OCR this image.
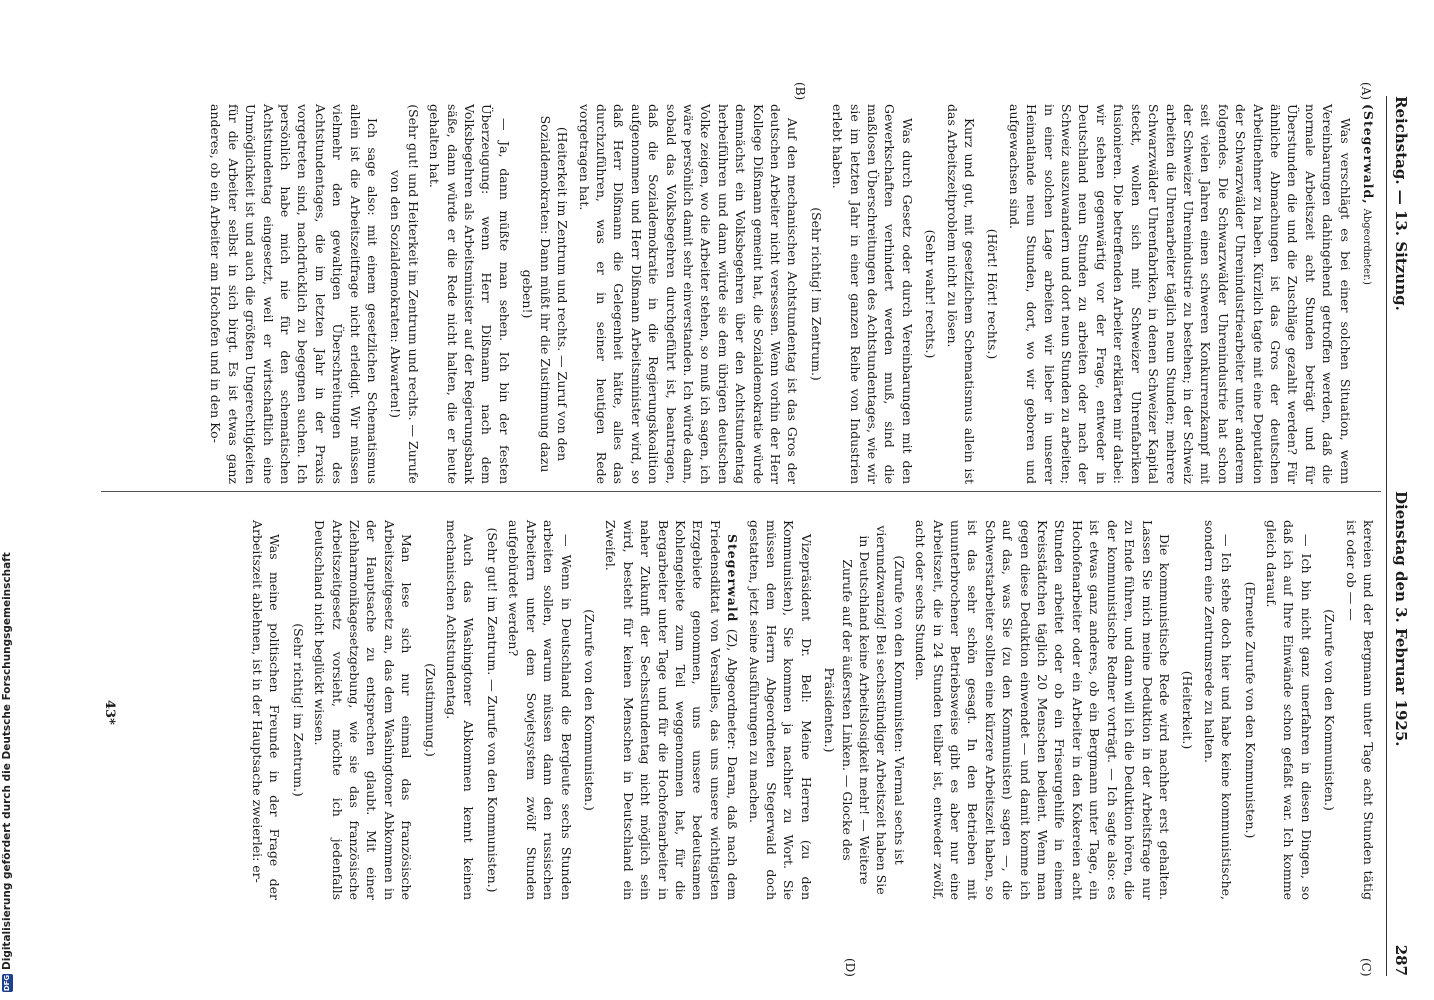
DFG
Digitalisierung gefördert durch die Deutsche Forschungsgemeinschaft
Reichstag. — 13. Sitzung.
Dienstag den 3. Februar 1925.
287
(A)
(B)
(C)
(D)

(Stegerwald, Abgeordneter.)

Was verschlägt es bei einer solchen Situation, wenn Vereinbarungen dahingehend getroffen werden, daß die normale Arbeitszeit acht Stunden beträgt und für Überstunden die und die Zuschläge gezahlt werden? Für ähnliche Abmachungen ist das Gros der deutschen Arbeitnehmer zu haben. Kürzlich tagte mit eine Deputation der Schwarzwälder Uhrenindustriearbeiter unter anderem folgendes. Die Schwarzwälder Uhrenindustrie hat schon seit vielen Jahren einen schweren Konkurrenzkampf mit der Schweizer Uhrenindustrie zu bestehen; in der Schweiz arbeiten die Uhrenarbeiter täglich neun Stunden; mehrere Schwarzwälder Uhrenfabriken, in denen Schweizer Kapital steckt, wollen sich mit Schweizer Uhrenfabriken fusionieren. Die betreffenden Arbeiter erklärten mir dabei: wir stehen gegenwärtig vor der Frage, entweder in Deutschland neun Stunden zu arbeiten oder nach der Schweiz auszuwandern und dort neun Stunden zu arbeiten; in einer solchen Lage arbeiten wir lieber in unserer Heimatlande neun Stunden, dort, wo wir geboren und aufgewachsen sind.

(Hört! Hört! rechts.)

Kurz und gut, mit gesetzlichem Schematismus allein ist das Arbeitszeitproblem nicht zu lösen.

(Sehr wahr! rechts.)

Was durch Gesetz oder durch Vereinbarungen mit den Gewerkschaften verhindert werden muß, sind die maßlosen Überschreitungen des Achtstundentages, wie wir sie im letzten Jahr in einer ganzen Reihe von Industrien erlebt haben.

(Sehr richtig! im Zentrum.)

Auf den mechanischen Achtstundentag ist das Gros der deutschen Arbeiter nicht versessen. Wenn vorhin der Herr Kollege Dißmann gemeint hat, die Sozialdemokratie würde demnächst ein Volksbegehren über den Achtstundentag herbeiführen und dann würde sie dem übrigen deutschen Volke zeigen, wo die Arbeiter stehen, so muß ich sagen, ich wäre persönlich damit sehr einverstanden. Ich würde dann, sobald das Volksbegehren durchgeführt ist, beantragen, daß die Sozialdemokratie in die Regierungskoalition aufgenommen und Herr Dißmann Arbeitsminister wird, so daß Herr Dißmann die Gelegenheit hätte, alles das durchzuführen, was er in seiner heutigen Rede vorgetragen hat.

(Heiterkeit im Zentrum und rechts. — Zuruf von den Sozialdemokraten: Dann müßt ihr die Zustimmung dazu geben!)

— Ja, dann müßte man sehen. Ich bin der festen Überzeugung: wenn Herr Dißmann nach dem Volksbegehren als Arbeitsminister auf der Regierungsbank säße, dann würde er die Rede nicht halten, die er heute gehalten hat.

(Sehr gut! und Heiterkeit im Zentrum und rechts. — Zurufe von den Sozialdemokraten: Abwarten!)

Ich sage also: mit einem gesetzlichen Schematismus allein ist die Arbeitszeitfrage nicht erledigt. Wir müssen vielmehr den gewaltigen Überschreitungen des Achtstundentages, die im letzten Jahr in der Praxis vorgetreten sind, nachdrücklich zu begegnen suchen. Ich persönlich habe mich nie für den schematischen Achtstundentag eingesetzt, weil er wirtschaftlich eine Unmöglichkeit ist und auch die größten Ungerechtigkeiten für die Arbeiter selbst in sich birgt. Es ist etwas ganz anderes, ob ein Arbeiter am Hochofen und in den Ko-

kereien und der Bergmann unter Tage acht Stunden tätig ist oder ob — —

(Zurufe von den Kommunisten.)

— Ich bin nicht ganz unerfahren in diesen Dingen, so daß ich auf Ihre Einwände schon gefaßt war. Ich komme gleich darauf.

(Erneute Zurufe von den Kommunisten.)

— Ich stehe doch hier und habe keine kommunistische, sondern eine Zentrumsrede zu halten.

(Heiterkeit.)

Die kommunistische Rede wird nachher erst gehalten. Lassen Sie mich meine Deduktion in der Arbeitsfrage nur zu Ende führen, und dann will ich die Deduktion hören, die der kommunistische Redner vorträgt. — Ich sagte also: es ist etwas ganz anderes, ob ein Bergmann unter Tage, ein Hochofenarbeiter oder ein Arbeiter in den Kokereien acht Stunden arbeitet oder ob ein Friseurgehilfe in einem Kreisstädtchen täglich 20 Menschen bedient. Wenn man gegen diese Deduktion einwendet — und damit komme ich auf das, was Sie (zu den Kommunisten) sagen —, die Schwerstarbeiter sollten eine kürzere Arbeitszeit haben, so ist das sehr schön gesagt. In den Betrieben mit ununterbrochener Betriebsweise gibt es aber nur eine Arbeitszeit, die in 24 Stunden teilbar ist, entweder zwölf, acht oder sechs Stunden.

(Zurufe von den Kommunisten: Viermal sechs ist vierundzwanzig! Bei sechsstündiger Arbeitszeit haben Sie in Deutschland keine Arbeitslosigkeit mehr! — Weitere Zurufe auf der äußersten Linken. — Glocke des Präsidenten.)

Vizepräsident Dr. Bell: Meine Herren (zu den Kommunisten), Sie kommen ja nachher zu Wort. Sie müssen dem Herrn Abgeordneten Stegerwald doch gestatten, jetzt seine Ausführungen zu machen.

Stegerwald (Z), Abgeordneter: Daran, daß nach dem Friedensdiktat von Versailles, das uns unsere wichtigsten Erzgebiete genommen, uns unsere bedeutsamen Kohlengebiete zum Teil weggenommen hat, für die Bergarbeiter unter Tage und für die Hochofenarbeiter in naher Zukunft der Sechsstundentag nicht möglich sein wird, besteht für keinen Menschen in Deutschland ein Zweifel.

(Zurufe von den Kommunisten.)

— Wenn in Deutschland die Bergleute sechs Stunden arbeiten sollen, warum müssen dann den russischen Arbeitern unter dem Sowjetsystem zwölf Stunden aufgebürdet werden?

(Sehr gut! im Zentrum. — Zurufe von den Kommunisten.)

Auch das Washingtoner Abkommen kennt keinen mechanischen Achtstundentag.

(Zustimmung.)

Man lese sich nur einmal das französische Arbeitszeitgesetz an, das dem Washingtoner Abkommen in der Hauptsache zu entsprechen glaubt. Mit einer Ziehharmonikagesetzgebung, wie sie das französische Arbeitszeitgesetz vorsieht, möchte ich jedenfalls Deutschland nicht beglückt wissen.

(Sehr richtig! im Zentrum.)

Was meine politischen Freunde in der Frage der Arbeitszeit ablehnen, ist in der Hauptsache zweierlei: er-

43*
